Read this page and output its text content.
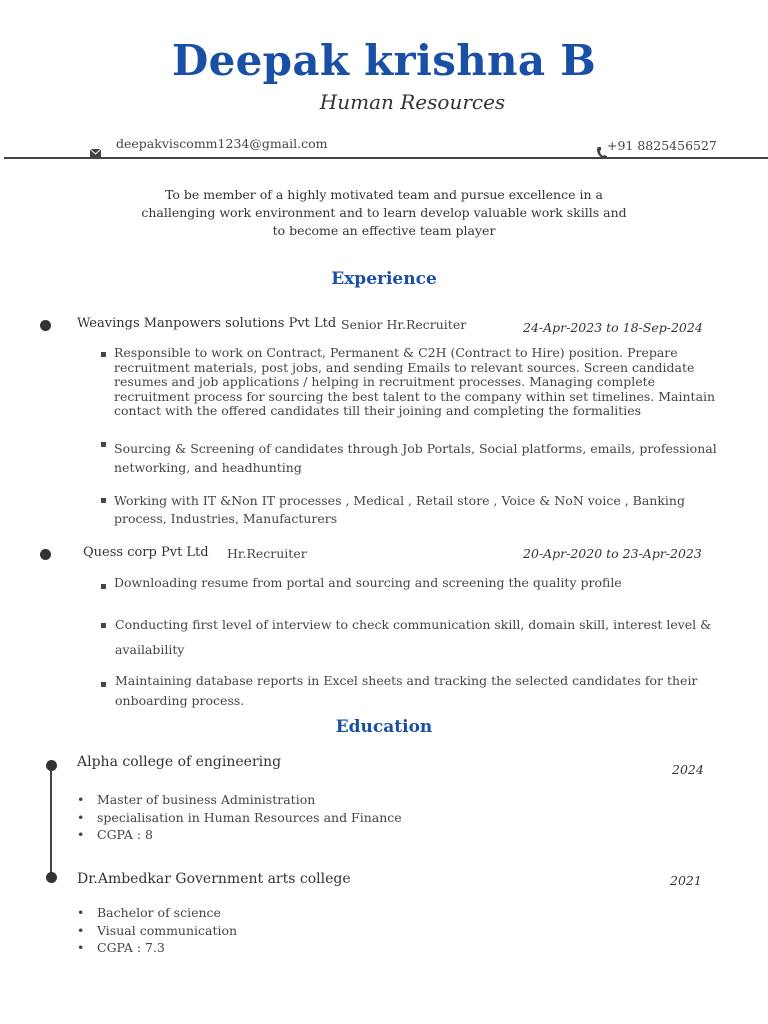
Deepak krishna B
Human Resources
deepakviscomm1234@gmail.com	+91 8825456527
To be member of a highly motivated team and pursue excellence in a challenging work environment and to learn develop valuable work skills and to become an effective team player
Experience
Weavings Manpowers solutions Pvt Ltd Senior Hr.Recruiter	24-Apr-2023 to 18-Sep-2024
▪ Responsible to work on Contract, Permanent & C2H (Contract to Hire) position. Prepare recruitment materials, post jobs, and sending Emails to relevant sources. Screen candidate resumes and job applications / helping in recruitment processes. Managing complete recruitment process for sourcing the best talent to the company within set timelines. Maintain contact with the offered candidates till their joining and completing the formalities
▪ Sourcing & Screening of candidates through Job Portals, Social platforms, emails, professional networking, and headhunting
▪ Working with IT &Non IT processes , Medical , Retail store , Voice & NoN voice , Banking process, Industries, Manufacturers
Quess corp Pvt Ltd Hr.Recruiter	20-Apr-2020 to 23-Apr-2023
▪ Downloading resume from portal and sourcing and screening the quality profile
▪ Conducting first level of interview to check communication skill, domain skill, interest level & availability
▪ Maintaining database reports in Excel sheets and tracking the selected candidates for their onboarding process.
Education
Alpha college of engineering	2024
• Master of business Administration
• specialisation in Human Resources and Finance
• CGPA : 8
Dr.Ambedkar Government arts college	2021
• Bachelor of science
• Visual communication
• CGPA : 7.3
